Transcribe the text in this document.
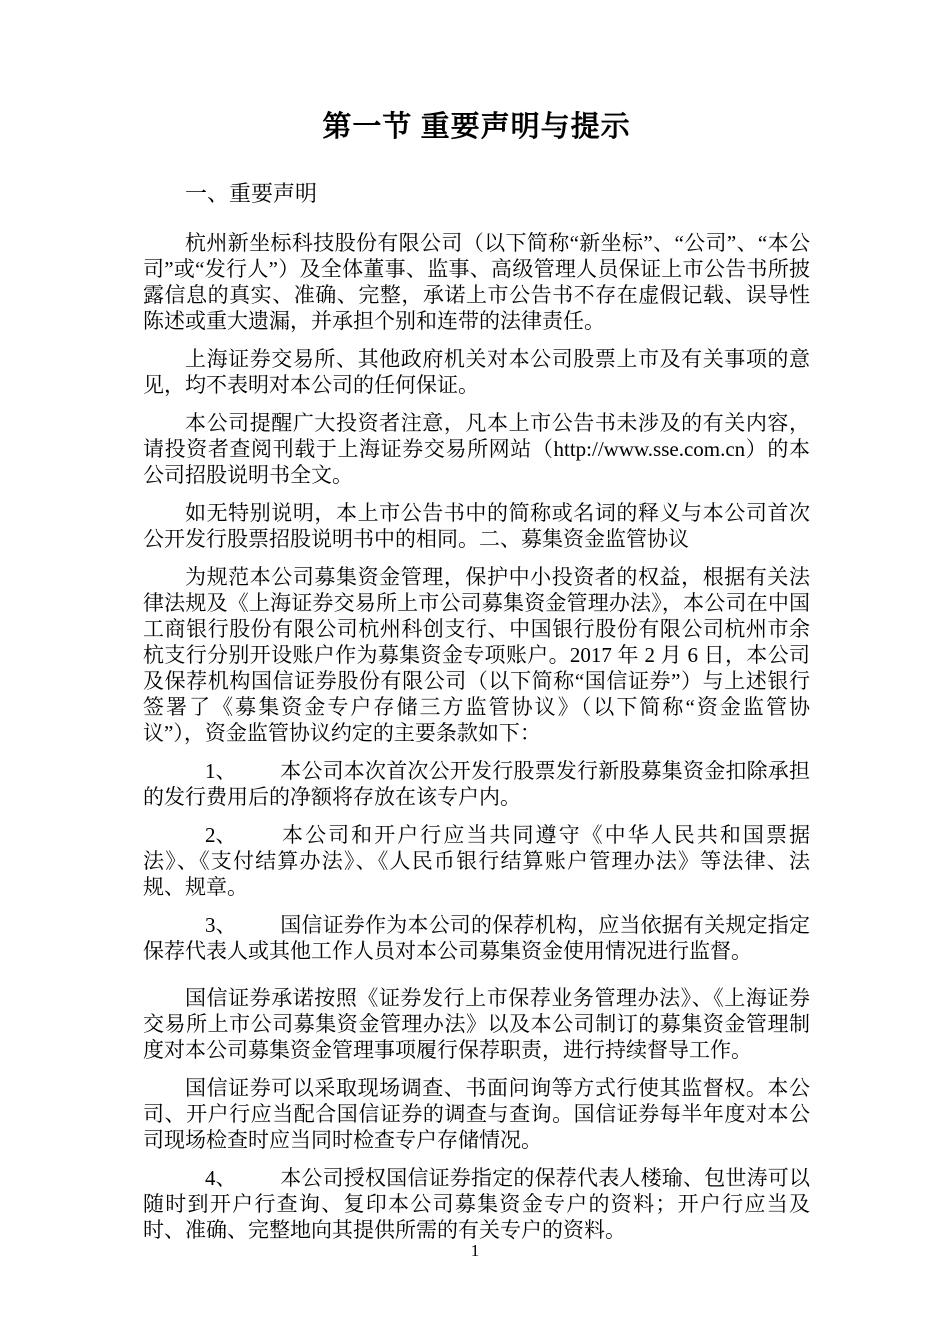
第一节 重要声明与提示
一、重要声明

杭州新坐标科技股份有限公司（以下简称“新坐标”、“公司”、“本公司”或“发行人”）及全体董事、监事、高级管理人员保证上市公告书所披露信息的真实、准确、完整，承诺上市公告书不存在虚假记载、误导性陈述或重大遗漏，并承担个别和连带的法律责任。

上海证券交易所、其他政府机关对本公司股票上市及有关事项的意见，均不表明对本公司的任何保证。

本公司提醒广大投资者注意，凡本上市公告书未涉及的有关内容，请投资者查阅刊载于上海证券交易所网站（http://www.sse.com.cn）的本公司招股说明书全文。

如无特别说明，本上市公告书中的简称或名词的释义与本公司首次公开发行股票招股说明书中的相同。二、募集资金监管协议

为规范本公司募集资金管理，保护中小投资者的权益，根据有关法律法规及《上海证券交易所上市公司募集资金管理办法》，本公司在中国工商银行股份有限公司杭州科创支行、中国银行股份有限公司杭州市余杭支行分别开设账户作为募集资金专项账户。2017 年 2 月 6 日，本公司及保荐机构国信证券股份有限公司（以下简称“国信证券”）与上述银行签署了《募集资金专户存储三方监管协议》（以下简称“资金监管协议”），资金监管协议约定的主要条款如下：

1、 本公司本次首次公开发行股票发行新股募集资金扣除承担的发行费用后的净额将存放在该专户内。

2、 本公司和开户行应当共同遵守《中华人民共和国票据法》、《支付结算办法》、《人民币银行结算账户管理办法》等法律、法规、规章。

3、 国信证券作为本公司的保荐机构，应当依据有关规定指定保荐代表人或其他工作人员对本公司募集资金使用情况进行监督。

国信证券承诺按照《证券发行上市保荐业务管理办法》、《上海证券交易所上市公司募集资金管理办法》以及本公司制订的募集资金管理制度对本公司募集资金管理事项履行保荐职责，进行持续督导工作。

国信证券可以采取现场调查、书面问询等方式行使其监督权。本公司、开户行应当配合国信证券的调查与查询。国信证券每半年度对本公司现场检查时应当同时检查专户存储情况。

4、 本公司授权国信证券指定的保荐代表人楼瑜、包世涛可以随时到开户行查询、复印本公司募集资金专户的资料；开户行应当及时、准确、完整地向其提供所需的有关专户的资料。

1
